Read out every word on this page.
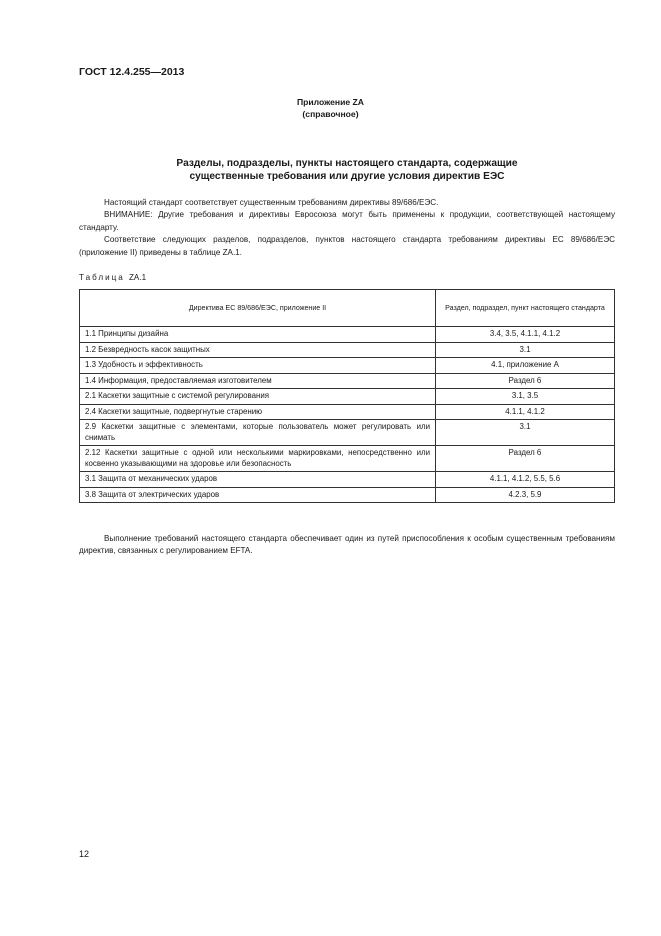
ГОСТ 12.4.255—2013
Приложение ZA
(справочное)
Разделы, подразделы, пункты настоящего стандарта, содержащие
существенные требования или другие условия директив ЕЭС

Настоящий стандарт соответствует существенным требованиям директивы 89/686/ЕЭС.

ВНИМАНИЕ: Другие требования и директивы Евросоюза могут быть применены к продукции, соответствующей настоящему стандарту.

Соответствие следующих разделов, подразделов, пунктов настоящего стандарта требованиям директивы ЕС 89/686/ЕЭС (приложение II) приведены в таблице ZA.1.

Таблица ZA.1
Директива ЕС 89/686/ЕЭС, приложение II	Раздел, подраздел, пункт настоящего стандарта
1.1 Принципы дизайна	3.4, 3.5, 4.1.1, 4.1.2
1.2 Безвредность касок защитных	3.1
1.3 Удобность и эффективность	4.1, приложение А
1.4 Информация, предоставляемая изготовителем	Раздел 6
2.1 Каскетки защитные с системой регулирования	3.1, 3.5
2.4 Каскетки защитные, подвергнутые старению	4.1.1, 4.1.2
2.9 Каскетки защитные с элементами, которые пользователь может регулировать или снимать	3.1
2.12 Каскетки защитные с одной или несколькими маркировками, непосредственно или косвенно указывающими на здоровье или безопасность	Раздел 6
3.1 Защита от механических ударов	4.1.1, 4.1.2, 5.5, 5.6
3.8 Защита от электрических ударов	4.2.3, 5.9

Выполнение требований настоящего стандарта обеспечивает один из путей приспособления к особым существенным требованиям директив, связанных с регулированием EFTA.

12
